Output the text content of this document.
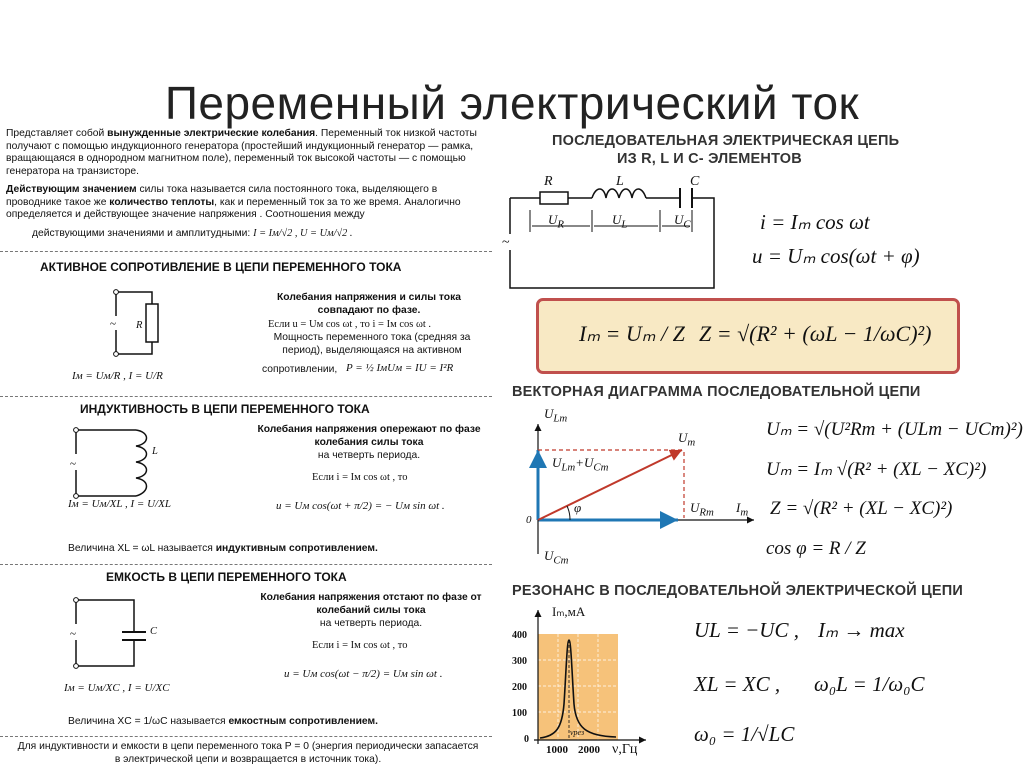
Переменный электрический ток
Представляет собой вынужденные электрические колебания. Переменный ток низкой частоты получают с помощью индукционного генератора (простейший индукционный генератор — рамка, вращающаяся в однородном магнитном поле), переменный ток высокой частоты — с помощью генератора на транзисторе.
Действующим значением силы тока называется сила постоянного тока, выделяющего в проводнике такое же количество теплоты, как и переменный ток за то же время. Аналогично определяется и действующее значение напряжения . Соотношения между
действующими значениями и амплитудными: I = Iм/√2 , U = Uм/√2 .
АКТИВНОЕ СОПРОТИВЛЕНИЕ В ЦЕПИ ПЕРЕМЕННОГО ТОКА
~ R
Колебания напряжения и силы тока совпадают по фазе.
Если u = Uм cos ωt , то i = Iм cos ωt .
Мощность переменного тока (средняя за период), выделяющаяся на активном
сопротивлении, P = ½ IмUм = IU = I²R
Iм = Uм/R , I = U/R
ИНДУКТИВНОСТЬ В ЦЕПИ ПЕРЕМЕННОГО ТОКА
~
L
Колебания напряжения опережают по фазе колебания силы тока
на четверть периода.
Если i = Iм cos ωt , то
u = Uм cos(ωt + π/2) = − Uм sin ωt .
Iм = Uм/XL , I = U/XL
Величина XL = ωL называется индуктивным сопротивлением.
ЕМКОСТЬ В ЦЕПИ ПЕРЕМЕННОГО ТОКА
~	C
Колебания напряжения отстают по фазе от колебаний силы тока
на четверть периода.
Если i = Iм cos ωt , то
u = Uм cos(ωt − π/2) = Uм sin ωt .
Iм = Uм/XC , I = U/XC
Величина XC = 1/ωC называется емкостным сопротивлением.
Для индуктивности и емкости в цепи переменного тока P = 0 (энергия периодически запасается в электрической цепи и возвращается в источник тока).
ПОСЛЕДОВАТЕЛЬНАЯ ЭЛЕКТРИЧЕСКАЯ ЦЕПЬ
ИЗ R, L И C- ЭЛЕМЕНТОВ
~
R	L	C
$U_R$	$U_L$	$U_C$	i = Iₘ cos ωt
u = Uₘ cos(ωt + φ)
Iₘ = Uₘ / Z Z = √(R² + (ωL − 1/ωC)²)
ВЕКТОРНАЯ ДИАГРАММА ПОСЛЕДОВАТЕЛЬНОЙ ЦЕПИ
$U_{Lm}$
$U_m$
$U_{Lm}+U_{Cm}$
φ
0
$U_{Rm}$ $I_m$
$U_{Cm}$
Uₘ = √(U²Rm + (ULm − UCm)²)
Uₘ = Iₘ √(R² + (XL − XC)²)
Z = √(R² + (XL − XC)²)
cos φ = R / Z
РЕЗОНАНС В ПОСЛЕДОВАТЕЛЬНОЙ ЭЛЕКТРИЧЕСКОЙ ЦЕПИ
Iₘ,мА
400
300
200
100
0
1000 2000 ν,Гц
νрез
UL = −UC , Iₘ → max
XL = XC , ω₀L = 1/ω₀C
ω₀ = 1/√LC
